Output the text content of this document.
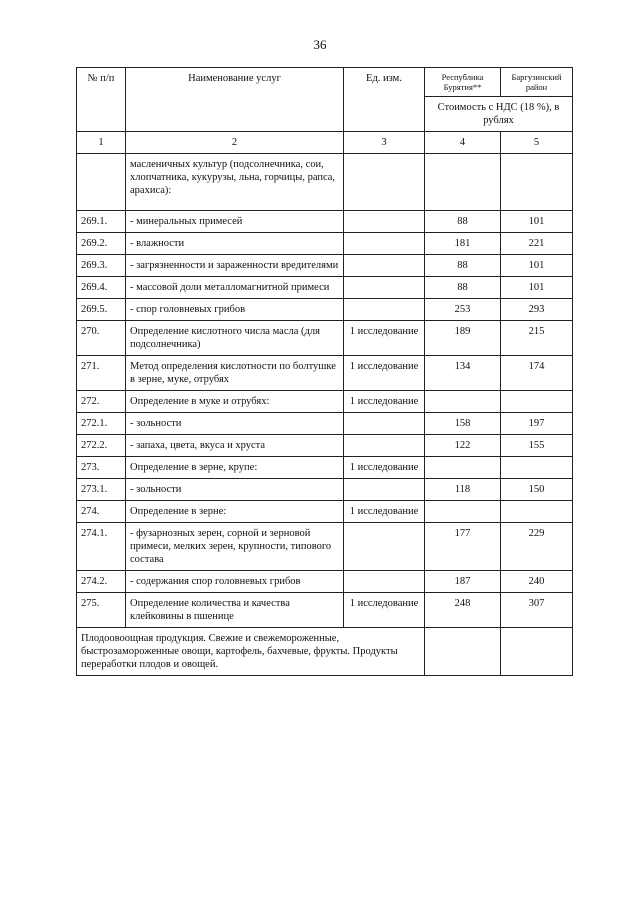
36
№ п/п	Наименование услуг	Ед. изм.	Республика Бурятия**	Баргузинский район
			Стоимость с НДС (18 %), в рублях	
1	2	3	4	5
	масленичных культур (подсолнечника, сои, хлопчатника, кукурузы, льна, горчицы, рапса, арахиса):			
269.1.	- минеральных примесей		88	101
269.2.	- влажности		181	221
269.3.	- загрязненности и зараженности вредителями		88	101
269.4.	- массовой доли металломагнитной примеси		88	101
269.5.	- спор головневых грибов		253	293
270.	Определение кислотного числа масла (для подсолнечника)	1 исследование	189	215
271.	Метод определения кислотности по болтушке в зерне, муке, отрубях	1 исследование	134	174
272.	Определение в муке и отрубях:	1 исследование		
272.1.	- зольности		158	197
272.2.	- запаха, цвета, вкуса и хруста		122	155
273.	Определение в зерне, крупе:	1 исследование		
273.1.	- зольности		118	150
274.	Определение в зерне:	1 исследование		
274.1.	- фузарнозных зерен, сорной и зерновой примеси, мелких зерен, крупности, типового состава		177	229
274.2.	- содержания спор головневых грибов		187	240
275.	Определение количества и качества клейковины в пшенице	1 исследование	248	307
Плодоовоощная продукция. Свежие и свежемороженные, быстрозамороженные овощи, картофель, бахчевые, фрукты. Продукты переработки плодов и овощей.				
